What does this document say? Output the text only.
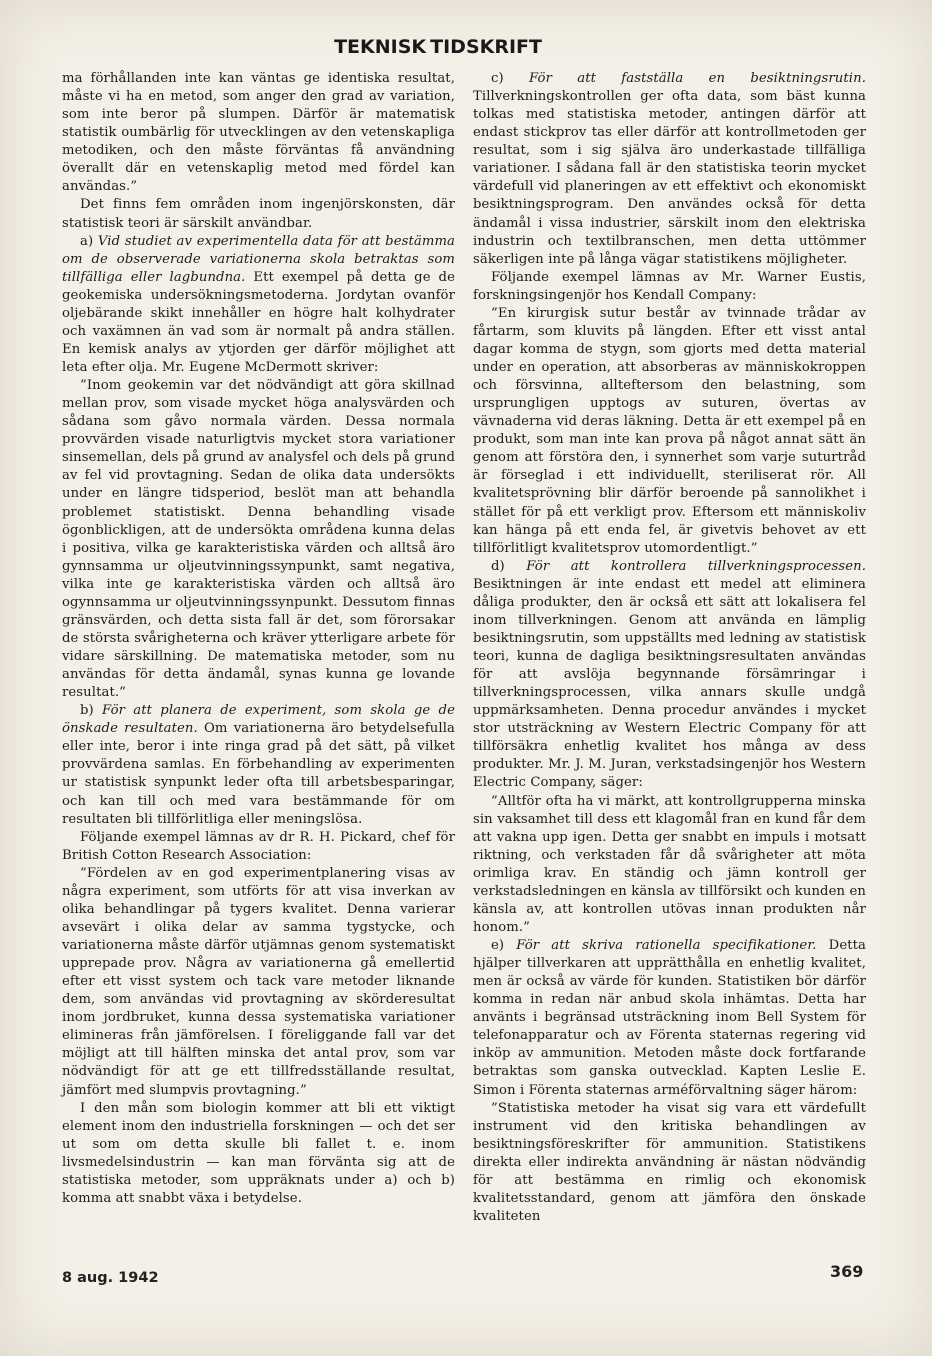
TEKNISK TIDSKRIFT

ma förhållanden inte kan väntas ge identiska resultat, måste vi ha en metod, som anger den grad av variation, som inte beror på slumpen. Därför är matematisk statistik oumbärlig för utvecklingen av den vetenskapliga metodiken, och den måste förväntas få användning överallt där en vetenskaplig metod med fördel kan användas.”

Det finns fem områden inom ingenjörskonsten, där statistisk teori är särskilt användbar.

a) Vid studiet av experimentella data för att bestämma om de observerade variationerna skola betraktas som tillfälliga eller lagbundna. Ett exempel på detta ge de geokemiska undersökningsmetoderna. Jordytan ovanför oljebärande skikt innehåller en högre halt kolhydrater och vaxämnen än vad som är normalt på andra ställen. En kemisk analys av ytjorden ger därför möjlighet att leta efter olja. Mr. Eugene McDermott skriver:

”Inom geokemin var det nödvändigt att göra skillnad mellan prov, som visade mycket höga analysvärden och sådana som gåvo normala värden. Dessa normala provvärden visade naturligtvis mycket stora variationer sinsemellan, dels på grund av analysfel och dels på grund av fel vid provtagning. Sedan de olika data undersökts under en längre tidsperiod, beslöt man att behandla problemet statistiskt. Denna behandling visade ögonblickligen, att de undersökta områdena kunna delas i positiva, vilka ge karakteristiska värden och alltså äro gynnsamma ur oljeutvinningssynpunkt, samt negativa, vilka inte ge karakteristiska värden och alltså äro ogynnsamma ur oljeutvinningssynpunkt. Dessutom finnas gränsvärden, och detta sista fall är det, som förorsakar de största svårigheterna och kräver ytterligare arbete för vidare särskillning. De matematiska metoder, som nu användas för detta ändamål, synas kunna ge lovande resultat.”

b) För att planera de experiment, som skola ge de önskade resultaten. Om variationerna äro betydelsefulla eller inte, beror i inte ringa grad på det sätt, på vilket provvärdena samlas. En förbehandling av experimenten ur statistisk synpunkt leder ofta till arbetsbesparingar, och kan till och med vara bestämmande för om resultaten bli tillförlitliga eller meningslösa.

Följande exempel lämnas av dr R. H. Pickard, chef för British Cotton Research Association:

”Fördelen av en god experimentplanering visas av några experiment, som utförts för att visa inverkan av olika behandlingar på tygers kvalitet. Denna varierar avsevärt i olika delar av samma tygstycke, och variationerna måste därför utjämnas genom systematiskt upprepade prov. Några av variationerna gå emellertid efter ett visst system och tack vare metoder liknande dem, som användas vid provtagning av skörderesultat inom jordbruket, kunna dessa systematiska variationer elimineras från jämförelsen. I föreliggande fall var det möjligt att till hälften minska det antal prov, som var nödvändigt för att ge ett tillfredsställande resultat, jämfört med slumpvis provtagning.”

I den mån som biologin kommer att bli ett viktigt element inom den industriella forskningen — och det ser ut som om detta skulle bli fallet t. e. inom livsmedelsindustrin — kan man förvänta sig att de statistiska metoder, som uppräknats under a) och b) komma att snabbt växa i betydelse.

c) För att fastställa en besiktningsrutin. Tillverkningskontrollen ger ofta data, som bäst kunna tolkas med statistiska metoder, antingen därför att endast stickprov tas eller därför att kontrollmetoden ger resultat, som i sig själva äro underkastade tillfälliga variationer. I sådana fall är den statistiska teorin mycket värdefull vid planeringen av ett effektivt och ekonomiskt besiktningsprogram. Den användes också för detta ändamål i vissa industrier, särskilt inom den elektriska industrin och textilbranschen, men detta uttömmer säkerligen inte på långa vägar statistikens möjligheter.

Följande exempel lämnas av Mr. Warner Eustis, forskningsingenjör hos Kendall Company:

”En kirurgisk sutur består av tvinnade trådar av fårtarm, som kluvits på längden. Efter ett visst antal dagar komma de stygn, som gjorts med detta material under en operation, att absorberas av människokroppen och försvinna, allteftersom den belastning, som ursprungligen upptogs av suturen, övertas av vävnaderna vid deras läkning. Detta är ett exempel på en produkt, som man inte kan prova på något annat sätt än genom att förstöra den, i synnerhet som varje suturtråd är förseglad i ett individuellt, steriliserat rör. All kvalitetsprövning blir därför beroende på sannolikhet i stället för på ett verkligt prov. Eftersom ett människoliv kan hänga på ett enda fel, är givetvis behovet av ett tillförlitligt kvalitetsprov utomordentligt.”

d) För att kontrollera tillverkningsprocessen. Besiktningen är inte endast ett medel att eliminera dåliga produkter, den är också ett sätt att lokalisera fel inom tillverkningen. Genom att använda en lämplig besiktningsrutin, som uppställts med ledning av statistisk teori, kunna de dagliga besiktningsresultaten användas för att avslöja begynnande försämringar i tillverkningsprocessen, vilka annars skulle undgå uppmärksamheten. Denna procedur användes i mycket stor utsträckning av Western Electric Company för att tillförsäkra enhetlig kvalitet hos många av dess produkter. Mr. J. M. Juran, verkstadsingenjör hos Western Electric Company, säger:

”Alltför ofta ha vi märkt, att kontrollgrupperna minska sin vaksamhet till dess ett klagomål fran en kund får dem att vakna upp igen. Detta ger snabbt en impuls i motsatt riktning, och verkstaden får då svårigheter att möta orimliga krav. En ständig och jämn kontroll ger verkstadsledningen en känsla av tillförsikt och kunden en känsla av, att kontrollen utövas innan produkten når honom.”

e) För att skriva rationella specifikationer. Detta hjälper tillverkaren att upprätthålla en enhetlig kvalitet, men är också av värde för kunden. Statistiken bör därför komma in redan när anbud skola inhämtas. Detta har använts i begränsad utsträckning inom Bell System för telefonapparatur och av Förenta staternas regering vid inköp av ammunition. Metoden måste dock fortfarande betraktas som ganska outvecklad. Kapten Leslie E. Simon i Förenta staternas arméförvaltning säger härom:

”Statistiska metoder ha visat sig vara ett värdefullt instrument vid den kritiska behandlingen av besiktningsföreskrifter för ammunition. Statistikens direkta eller indirekta användning är nästan nödvändig för att bestämma en rimlig och ekonomisk kvalitetsstandard, genom att jämföra den önskade kvaliteten

8 aug. 1942	369
